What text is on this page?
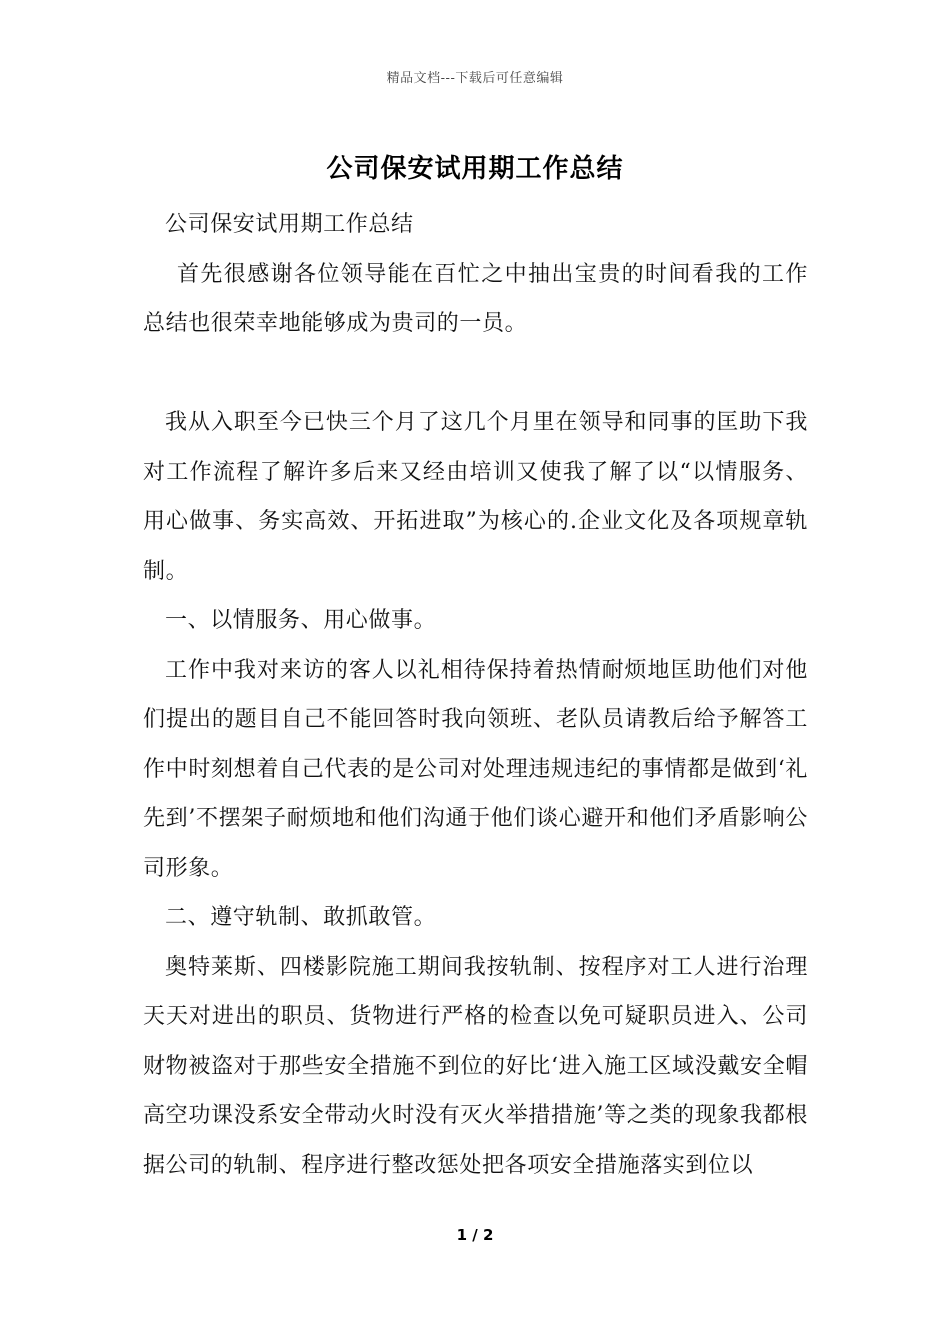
精品文档---下载后可任意编辑
公司保安试用期工作总结

公司保安试用期工作总结

首先很感谢各位领导能在百忙之中抽出宝贵的时间看我的工作总结也很荣幸地能够成为贵司的一员。

我从入职至今已快三个月了这几个月里在领导和同事的匡助下我对工作流程了解许多后来又经由培训又使我了解了以“以情服务、用心做事、务实高效、开拓进取”为核心的.企业文化及各项规章轨制。

一、以情服务、用心做事。

工作中我对来访的客人以礼相待保持着热情耐烦地匡助他们对他们提出的题目自己不能回答时我向领班、老队员请教后给予解答工作中时刻想着自己代表的是公司对处理违规违纪的事情都是做到‘礼先到’不摆架子耐烦地和他们沟通于他们谈心避开和他们矛盾影响公司形象。

二、遵守轨制、敢抓敢管。

奥特莱斯、四楼影院施工期间我按轨制、按程序对工人进行治理天天对进出的职员、货物进行严格的检查以免可疑职员进入、公司财物被盗对于那些安全措施不到位的好比‘进入施工区域没戴安全帽高空功课没系安全带动火时没有灭火举措措施’等之类的现象我都根据公司的轨制、程序进行整改惩处把各项安全措施落实到位以

1 / 2
